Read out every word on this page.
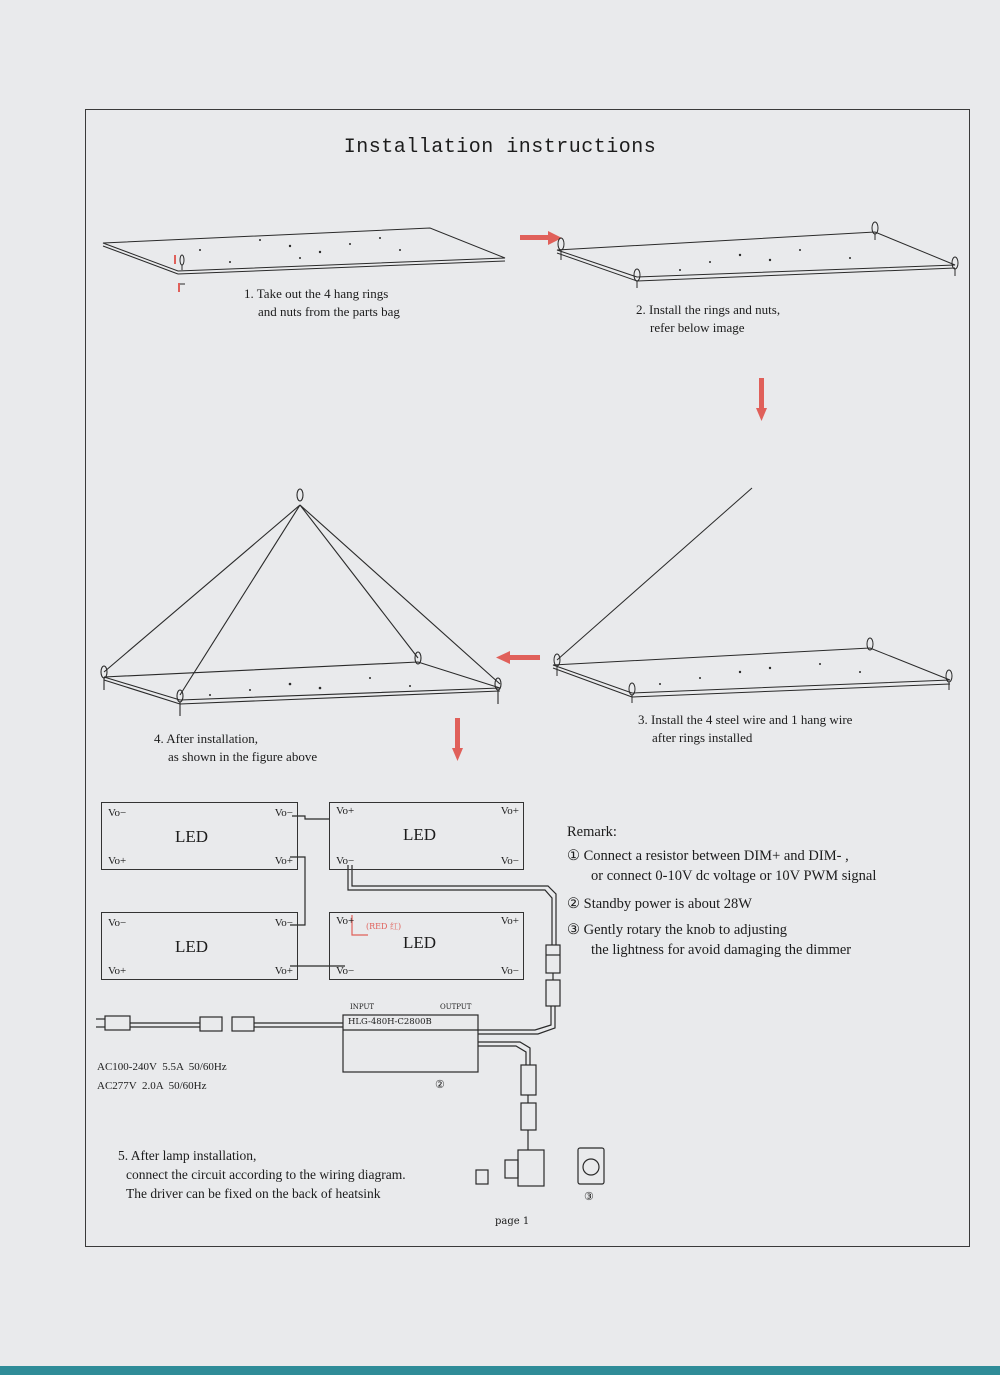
Installation instructions
1. Take out the 4 hang rings
and nuts from the parts bag	2. Install the rings and nuts,
refer below image
3. Install the 4 steel wire and 1 hang wire
after rings installed
4. After installation,
as shown in the figure above
5. After lamp installation,
connect the circuit according to the wiring diagram.
The driver can be fixed on the back of heatsink
Vo−	Vo−
Vo+	Vo+
LED
Vo+	Vo+
Vo−	Vo−
LED
Vo−	Vo−
Vo+	Vo+
LED
Vo+	Vo+
Vo−	Vo−
LED
(RED 红)
INPUT	OUTPUT
HLG-480H-C2800B
②
AC100-240V  5.5A  50/60Hz
AC277V  2.0A  50/60Hz
③
Remark:
① Connect a resistor between DIM+ and DIM- ,
or connect 0-10V dc voltage or 10V PWM signal
② Standby power is about 28W
③ Gently rotary the knob to adjusting
the lightness for avoid damaging the dimmer
page 1
